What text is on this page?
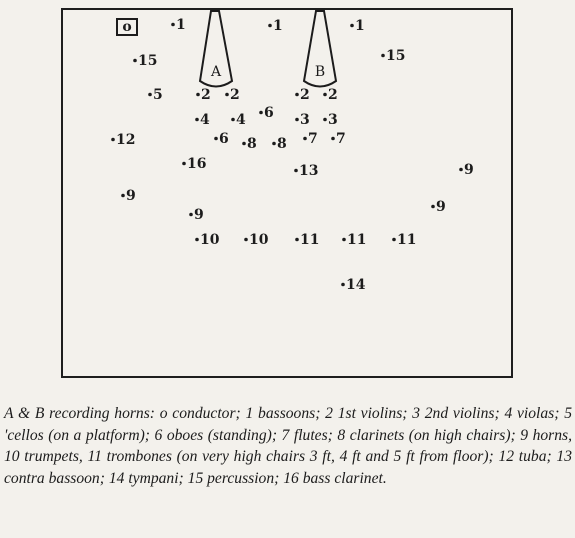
o
A	B
1	1	1
15	15
5	2 2	2 2
4 4 6 3 3
12	6 8 8 7 7
16	13	9
9
9	9
10 10 11 11 11
14

A & B recording horns: o conductor; 1 bassoons; 2 1st violins; 3 2nd violins; 4 violas; 5 'cellos (on a platform); 6 oboes (standing); 7 flutes; 8 clarinets (on high chairs); 9 horns, 10 trumpets, 11 trombones (on very high chairs 3 ft, 4 ft and 5 ft from floor); 12 tuba; 13 contra bassoon; 14 tympani; 15 percussion; 16 bass clarinet.
